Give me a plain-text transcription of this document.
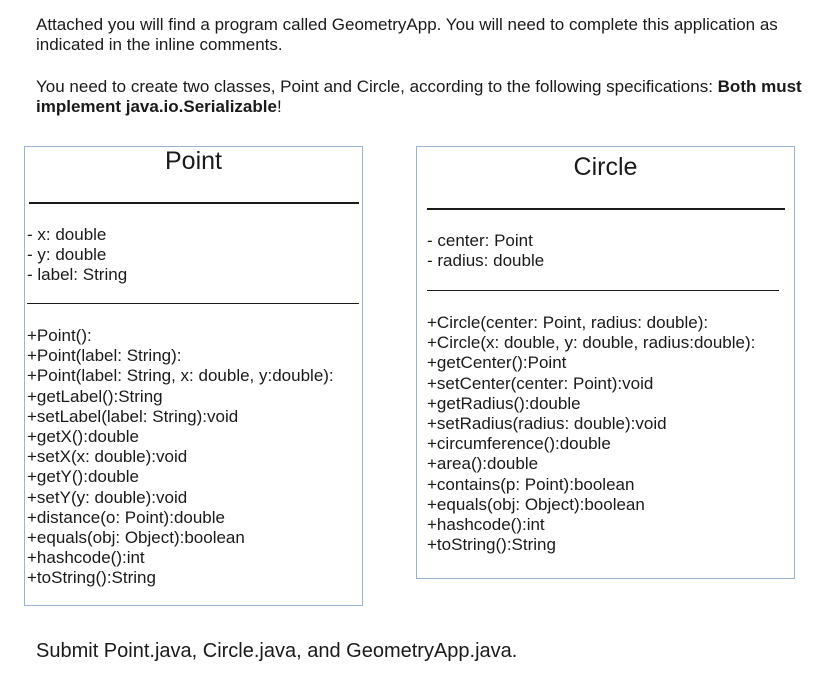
Attached you will find a program called GeometryApp. You will need to complete this application as indicated in the inline comments.

You need to create two classes, Point and Circle, according to the following specifications: Both must implement java.io.Serializable!

Point
- x: double
- y: double
- label: String
+Point():
+Point(label: String):
+Point(label: String, x: double, y:double):
+getLabel():String
+setLabel(label: String):void
+getX():double
+setX(x: double):void
+getY():double
+setY(y: double):void
+distance(o: Point):double
+equals(obj: Object):boolean
+hashcode():int
+toString():String
Circle
- center: Point
- radius: double
+Circle(center: Point, radius: double):
+Circle(x: double, y: double, radius:double):
+getCenter():Point
+setCenter(center: Point):void
+getRadius():double
+setRadius(radius: double):void
+circumference():double
+area():double
+contains(p: Point):boolean
+equals(obj: Object):boolean
+hashcode():int
+toString():String

Submit Point.java, Circle.java, and GeometryApp.java.
